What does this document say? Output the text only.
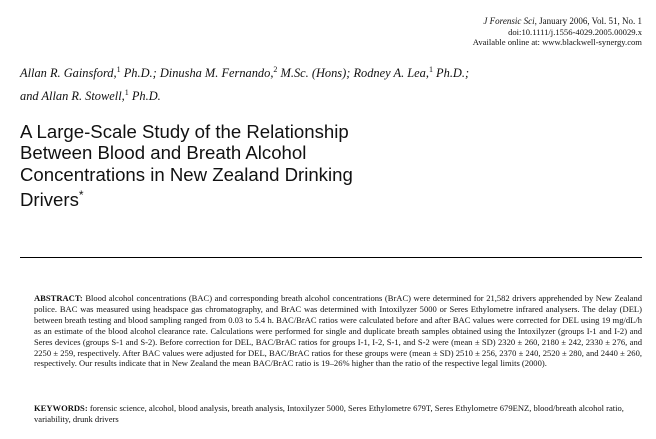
J Forensic Sci, January 2006, Vol. 51, No. 1
doi:10.1111/j.1556-4029.2005.00029.x
Available online at: www.blackwell-synergy.com
Allan R. Gainsford,$^1$ Ph.D.; Dinusha M. Fernando,$^2$ M.Sc. (Hons); Rodney A. Lea,$^1$ Ph.D.;
and Allan R. Stowell,$^1$ Ph.D.
A Large-Scale Study of the Relationship
Between Blood and Breath Alcohol
Concentrations in New Zealand Drinking
Drivers*
ABSTRACT: Blood alcohol concentrations (BAC) and corresponding breath alcohol concentrations (BrAC) were determined for 21,582 drivers apprehended by New Zealand police. BAC was measured using headspace gas chromatography, and BrAC was determined with Intoxilyzer 5000 or Seres Ethylometre infrared analysers. The delay (DEL) between breath testing and blood sampling ranged from 0.03 to 5.4 h. BAC/BrAC ratios were calculated before and after BAC values were corrected for DEL using 19 mg/dL/h as an estimate of the blood alcohol clearance rate. Calculations were performed for single and duplicate breath samples obtained using the Intoxilyzer (groups I-1 and I-2) and Seres devices (groups S-1 and S-2). Before correction for DEL, BAC/BrAC ratios for groups I-1, I-2, S-1, and S-2 were (mean ± SD) 2320 ± 260, 2180 ± 242, 2330 ± 276, and 2250 ± 259, respectively. After BAC values were adjusted for DEL, BAC/BrAC ratios for these groups were (mean ± SD) 2510 ± 256, 2370 ± 240, 2520 ± 280, and 2440 ± 260, respectively. Our results indicate that in New Zealand the mean BAC/BrAC ratio is 19–26% higher than the ratio of the respective legal limits (2000).
KEYWORDS: forensic science, alcohol, blood analysis, breath analysis, Intoxilyzer 5000, Seres Ethylometre 679T, Seres Ethylometre 679ENZ, blood/breath alcohol ratio, variability, drunk drivers
